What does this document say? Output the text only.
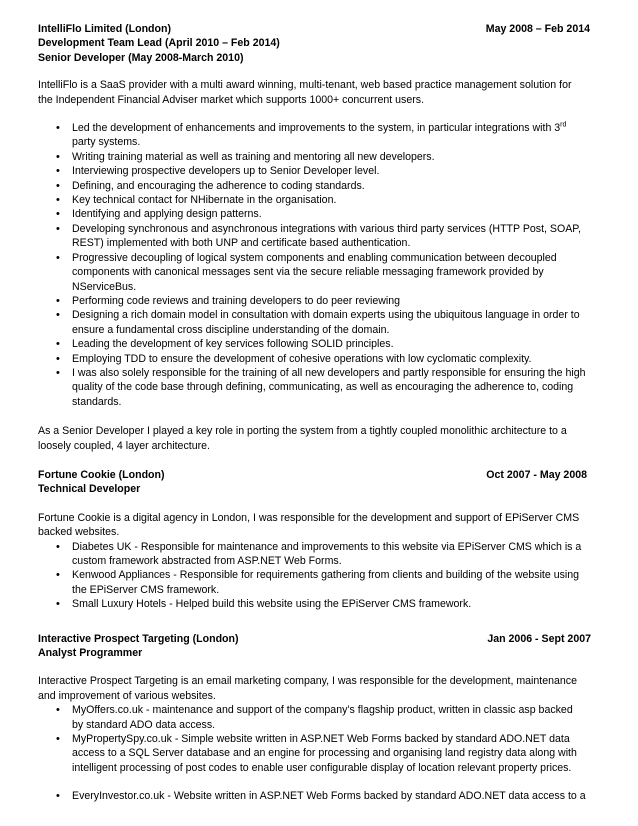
IntelliFlo Limited (London)	May 2008 – Feb 2014
Development Team Lead (April 2010 – Feb 2014)
Senior Developer (May 2008-March 2010)

IntelliFlo is a SaaS provider with a multi award winning, multi-tenant, web based practice management solution for the Independent Financial Adviser market which supports 1000+ concurrent users.

• Led the development of enhancements and improvements to the system, in particular integrations with 3rd party systems.
• Writing training material as well as training and mentoring all new developers.
• Interviewing prospective developers up to Senior Developer level.
• Defining, and encouraging the adherence to coding standards.
• Key technical contact for NHibernate in the organisation.
• Identifying and applying design patterns.
• Developing synchronous and asynchronous integrations with various third party services (HTTP Post, SOAP, REST) implemented with both UNP and certificate based authentication.
• Progressive decoupling of logical system components and enabling communication between decoupled components with canonical messages sent via the secure reliable messaging framework provided by NServiceBus.
• Performing code reviews and training developers to do peer reviewing
• Designing a rich domain model in consultation with domain experts using the ubiquitous language in order to ensure a fundamental cross discipline understanding of the domain.
• Leading the development of key services following SOLID principles.
• Employing TDD to ensure the development of cohesive operations with low cyclomatic complexity.
• I was also solely responsible for the training of all new developers and partly responsible for ensuring the high quality of the code base through defining, communicating, as well as encouraging the adherence to, coding standards.

As a Senior Developer I played a key role in porting the system from a tightly coupled monolithic architecture to a loosely coupled, 4 layer architecture.

Fortune Cookie (London)	Oct 2007 - May 2008
Technical Developer

Fortune Cookie is a digital agency in London, I was responsible for the development and support of EPiServer CMS backed websites.

• Diabetes UK - Responsible for maintenance and improvements to this website via EPiServer CMS which is a custom framework abstracted from ASP.NET Web Forms.
• Kenwood Appliances - Responsible for requirements gathering from clients and building of the website using the EPiServer CMS framework.
• Small Luxury Hotels - Helped build this website using the EPiServer CMS framework.
Interactive Prospect Targeting (London)	Jan 2006 - Sept 2007
Analyst Programmer

Interactive Prospect Targeting is an email marketing company, I was responsible for the development, maintenance and improvement of various websites.

• MyOffers.co.uk - maintenance and support of the company’s flagship product, written in classic asp backed by standard ADO data access.
• MyPropertySpy.co.uk - Simple website written in ASP.NET Web Forms backed by standard ADO.NET data access to a SQL Server database and an engine for processing and organising land registry data along with intelligent processing of post codes to enable user configurable display of location relevant property prices.
• EveryInvestor.co.uk - Website written in ASP.NET Web Forms backed by standard ADO.NET data access to a
